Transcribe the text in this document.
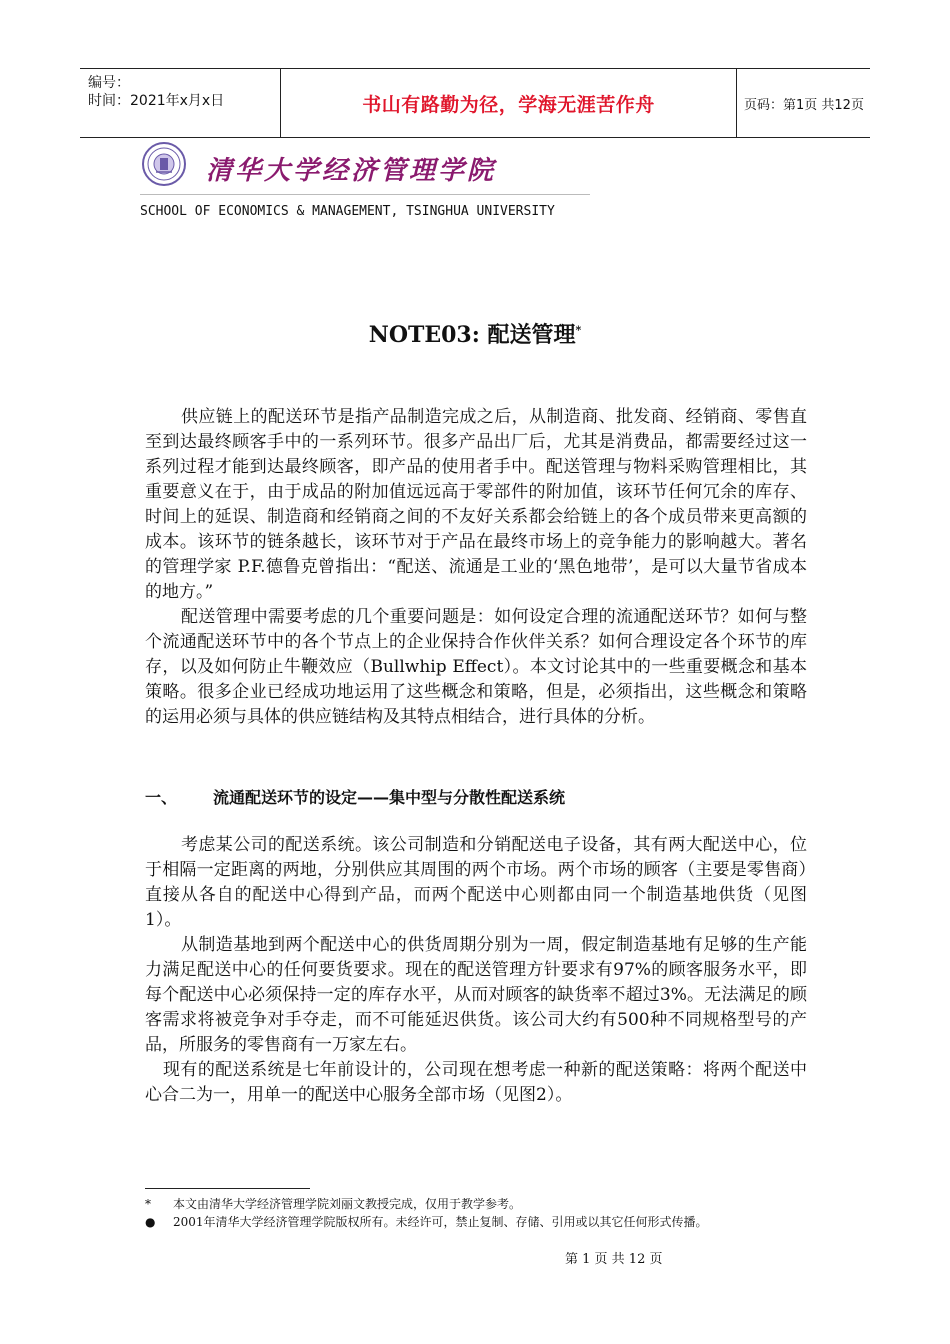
编号：
时间：2021年x月x日	书山有路勤为径，学海无涯苦作舟	页码：第1页 共12页
清华大学经济管理学院
SCHOOL OF ECONOMICS & MANAGEMENT, TSINGHUA UNIVERSITY
NOTE03: 配送管理*

供应链上的配送环节是指产品制造完成之后，从制造商、批发商、经销商、零售直至到达最终顾客手中的一系列环节。很多产品出厂后，尤其是消费品，都需要经过这一系列过程才能到达最终顾客，即产品的使用者手中。配送管理与物料采购管理相比，其重要意义在于，由于成品的附加值远远高于零部件的附加值，该环节任何冗余的库存、时间上的延误、制造商和经销商之间的不友好关系都会给链上的各个成员带来更高额的成本。该环节的链条越长，该环节对于产品在最终市场上的竞争能力的影响越大。著名的管理学家 P.F.德鲁克曾指出：“配送、流通是工业的‘黑色地带’，是可以大量节省成本的地方。”

配送管理中需要考虑的几个重要问题是：如何设定合理的流通配送环节？如何与整个流通配送环节中的各个节点上的企业保持合作伙伴关系？如何合理设定各个环节的库存，以及如何防止牛鞭效应（Bullwhip Effect）。本文讨论其中的一些重要概念和基本策略。很多企业已经成功地运用了这些概念和策略，但是，必须指出，这些概念和策略的运用必须与具体的供应链结构及其特点相结合，进行具体的分析。

一、 流通配送环节的设定——集中型与分散性配送系统

考虑某公司的配送系统。该公司制造和分销配送电子设备，其有两大配送中心，位于相隔一定距离的两地，分别供应其周围的两个市场。两个市场的顾客（主要是零售商）直接从各自的配送中心得到产品，而两个配送中心则都由同一个制造基地供货（见图1）。

从制造基地到两个配送中心的供货周期分别为一周，假定制造基地有足够的生产能力满足配送中心的任何要货要求。现在的配送管理方针要求有97%的顾客服务水平，即每个配送中心必须保持一定的库存水平，从而对顾客的缺货率不超过3%。无法满足的顾客需求将被竞争对手夺走，而不可能延迟供货。该公司大约有500种不同规格型号的产品，所服务的零售商有一万家左右。

现有的配送系统是七年前设计的，公司现在想考虑一种新的配送策略：将两个配送中心合二为一，用单一的配送中心服务全部市场（见图2）。

* 本文由清华大学经济管理学院刘丽文教授完成，仅用于教学参考。
● 2001年清华大学经济管理学院版权所有。未经许可，禁止复制、存储、引用或以其它任何形式传播。
第 1 页 共 12 页
